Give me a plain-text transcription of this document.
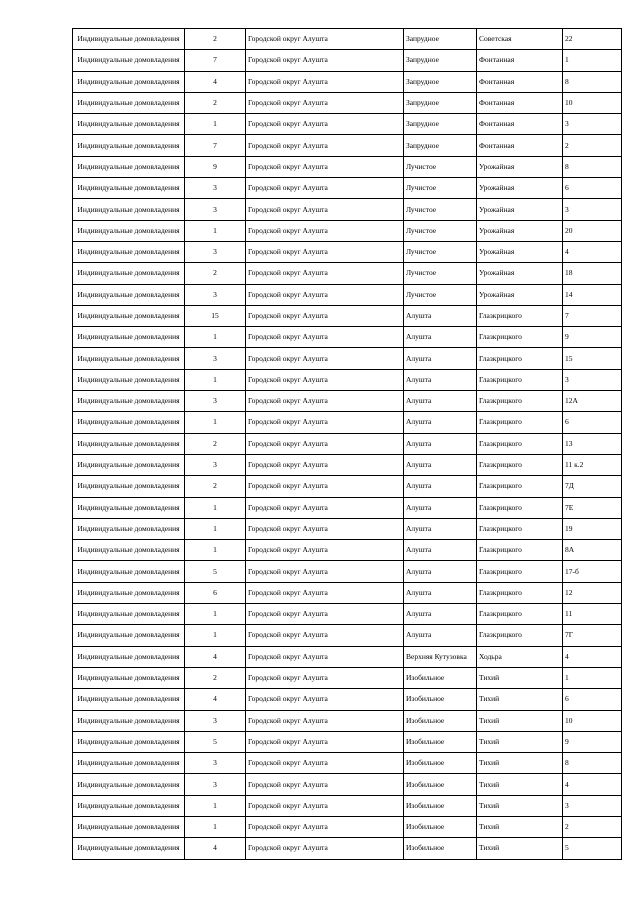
Индивидуальные домовладения	2	Городской округ Алушта	Запрудное	Советская	22
Индивидуальные домовладения	7	Городской округ Алушта	Запрудное	Фонтанная	1
Индивидуальные домовладения	4	Городской округ Алушта	Запрудное	Фонтанная	8
Индивидуальные домовладения	2	Городской округ Алушта	Запрудное	Фонтанная	10
Индивидуальные домовладения	1	Городской округ Алушта	Запрудное	Фонтанная	3
Индивидуальные домовладения	7	Городской округ Алушта	Запрудное	Фонтанная	2
Индивидуальные домовладения	9	Городской округ Алушта	Лучистое	Урожайная	8
Индивидуальные домовладения	3	Городской округ Алушта	Лучистое	Урожайная	6
Индивидуальные домовладения	3	Городской округ Алушта	Лучистое	Урожайная	3
Индивидуальные домовладения	1	Городской округ Алушта	Лучистое	Урожайная	20
Индивидуальные домовладения	3	Городской округ Алушта	Лучистое	Урожайная	4
Индивидуальные домовладения	2	Городской округ Алушта	Лучистое	Урожайная	18
Индивидуальные домовладения	3	Городской округ Алушта	Лучистое	Урожайная	14
Индивидуальные домовладения	15	Городской округ Алушта	Алушта	Глазкрицкого	7
Индивидуальные домовладения	1	Городской округ Алушта	Алушта	Глазкрицкого	9
Индивидуальные домовладения	3	Городской округ Алушта	Алушта	Глазкрицкого	15
Индивидуальные домовладения	1	Городской округ Алушта	Алушта	Глазкрицкого	3
Индивидуальные домовладения	3	Городской округ Алушта	Алушта	Глазкрицкого	12А
Индивидуальные домовладения	1	Городской округ Алушта	Алушта	Глазкрицкого	6
Индивидуальные домовладения	2	Городской округ Алушта	Алушта	Глазкрицкого	13
Индивидуальные домовладения	3	Городской округ Алушта	Алушта	Глазкрицкого	11 к.2
Индивидуальные домовладения	2	Городской округ Алушта	Алушта	Глазкрицкого	7Д
Индивидуальные домовладения	1	Городской округ Алушта	Алушта	Глазкрицкого	7Е
Индивидуальные домовладения	1	Городской округ Алушта	Алушта	Глазкрицкого	19
Индивидуальные домовладения	1	Городской округ Алушта	Алушта	Глазкрицкого	8А
Индивидуальные домовладения	5	Городской округ Алушта	Алушта	Глазкрицкого	17-б
Индивидуальные домовладения	6	Городской округ Алушта	Алушта	Глазкрицкого	12
Индивидуальные домовладения	1	Городской округ Алушта	Алушта	Глазкрицкого	11
Индивидуальные домовладения	1	Городской округ Алушта	Алушта	Глазкрицкого	7Г
Индивидуальные домовладения	4	Городской округ Алушта	Верхняя Кутузовка	Ходьра	4
Индивидуальные домовладения	2	Городской округ Алушта	Изобильное	Тихий	1
Индивидуальные домовладения	4	Городской округ Алушта	Изобильное	Тихий	6
Индивидуальные домовладения	3	Городской округ Алушта	Изобильное	Тихий	10
Индивидуальные домовладения	5	Городской округ Алушта	Изобильное	Тихий	9
Индивидуальные домовладения	3	Городской округ Алушта	Изобильное	Тихий	8
Индивидуальные домовладения	3	Городской округ Алушта	Изобильное	Тихий	4
Индивидуальные домовладения	1	Городской округ Алушта	Изобильное	Тихий	3
Индивидуальные домовладения	1	Городской округ Алушта	Изобильное	Тихий	2
Индивидуальные домовладения	4	Городской округ Алушта	Изобильное	Тихий	5
